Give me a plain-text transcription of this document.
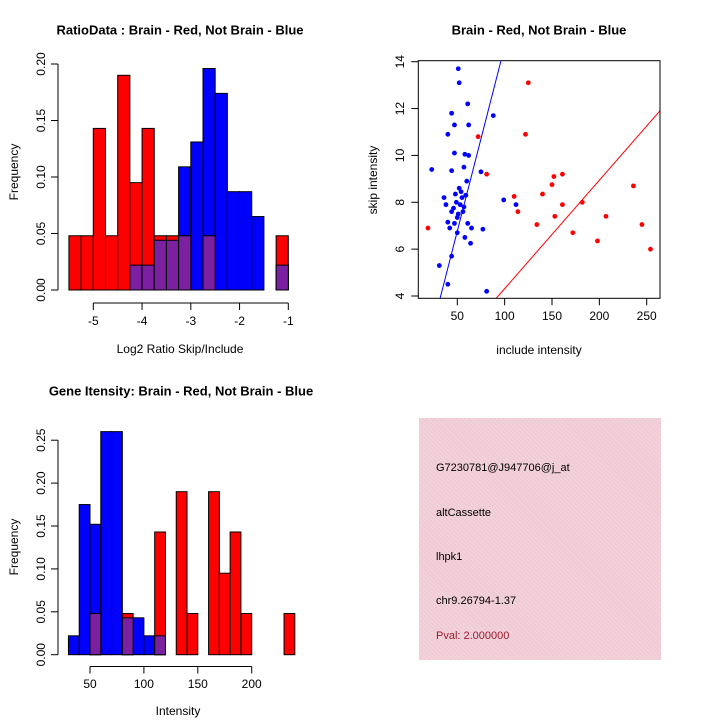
0.00
0.05
0.10
0.15
0.20
-5	-4	-3	-2	-1	50	100 150 200 250
4
6
8
10
12
14
0.00
0.05
0.10
0.15
0.20
0.25
50	100	150	200
RatioData : Brain - Red, Not Brain - Blue
Log2 Ratio Skip/Include
Frequency
Brain - Red, Not Brain - Blue
include intensity
skip intensity
Gene Itensity: Brain - Red, Not Brain - Blue
Intensity
Frequency
G7230781@J947706@j_at
altCassette
lhpk1
chr9.26794-1.37
Pval: 2.000000
